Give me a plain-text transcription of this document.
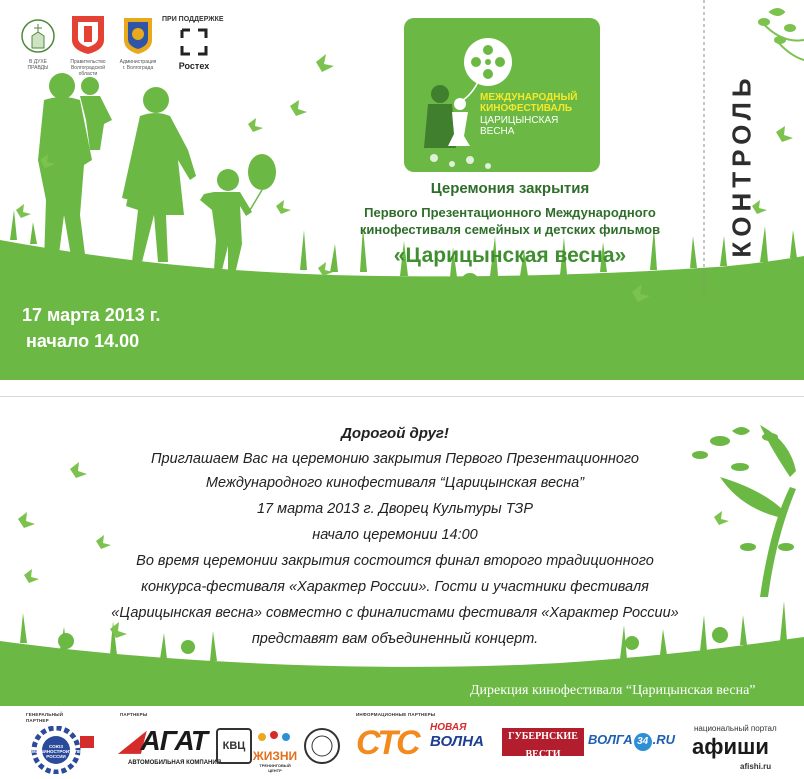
В ДУХЕ ПРАВДЫ
Правительство Волгоградской области
Администрация г. Волгограда
ПРИ ПОДДЕРЖКЕ
Ростех
МЕЖДУНАРОДНЫЙ
КИНОФЕСТИВАЛЬ
ЦАРИЦЫНСКАЯ
ВЕСНА
Церемония закрытия
Первого Презентационного Международного
кинофестиваля семейных и детских фильмов
«Царицынская весна»
17 марта 2013 г.
начало 14.00
КОНТРОЛЬ
Дорогой друг!
Приглашаем Вас на церемонию закрытия Первого Презентационного
Международного кинофестиваля “Царицынская весна”
17 марта 2013 г. Дворец Культуры ТЗР
начало церемонии 14:00
Во время церемонии закрытия состоится финал второго традиционного
конкурса-фестиваля «Характер России». Гости и участники фестиваля
«Царицынская весна» совместно с финалистами фестиваля «Характер России»
представят вам объединенный концерт.
Дирекция кинофестиваля “Царицынская весна”
ГЕНЕРАЛЬНЫЙ ПАРТНЕР
СОЮЗ МАШИНОСТРОИТЕЛЕЙ РОССИИ
ПАРТНЕРЫ
◢АГАТ
АВТОМОБИЛЬНАЯ КОМПАНИЯ
КВЦ
ЖИЗНИ
ТРЕНИНГОВЫЙ ЦЕНТР
ИНФОРМАЦИОННЫЕ ПАРТНЕРЫ
СТС НОВАЯ
ВОЛНА	ГУБЕРНСКИЕ ВЕСТИ
Волгоград
ВОЛГА 34 .RU
национальный портал
афиши
afishi.ru
